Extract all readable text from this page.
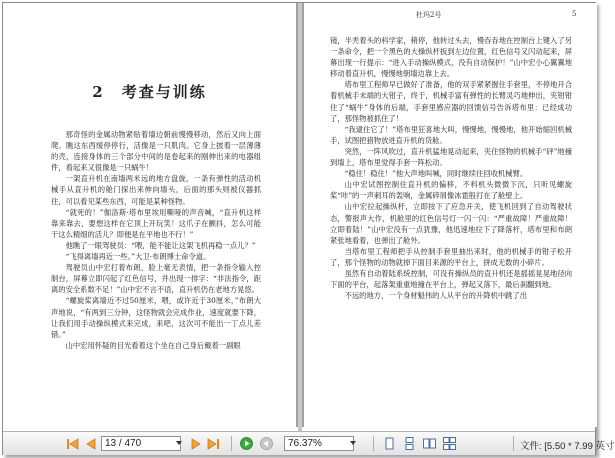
2　考查与训练

那奇怪的金属动物紧贴着墙边朝前慢慢移动，然后又向上面爬。瞧这东西缓停停行，活像是一只肌肉。它身上披着一层薄薄的壳，连接身体的三个部分中间的是卷起来的刚伸出来的电器组件，看起来又很像是一只蜗牛！

一架直升机在南墙两米远的地方盘旋，一条有弹性的活动机械手从直升机的舱门探出来伸向墙头，后面的那头则被仪器抓住，可以看见某些东西，可能是某种怪物。

“就死的！”伽洛斯·塔布里埃用嘶哑的声音喊，“直升机这样靠来靠去，要想这样在它顶上开玩笑！这爪子在颤抖，怎么可能干这么精细的活儿？即便是在平地也不行！”

他瞧了一眼驾驶员：“喂，能不能让这架飞机再稳一点儿？”

“飞得离墙再近一些。”大卫·布朗博士命令道。

驾驶员山中宏打着布朗，脸上毫无表情，把一条指令输入控制台，屏幕立即闪起了红色信号，并出现一排字：“非法指令，距离的安全系数不足！”山中宏不言不语，直升机仍在老地方晃悠。

“螺旋桨离墙近不过50厘米，喂，或许近于30厘米，”布朗大声地说，“有两到三分钟，这怪物就会完成作业，速度就要下降，让我们用手动操纵模式来完成，来吧，这次可不能出一丁点儿差错。”

山中宏用怀疑的目光看着这个坐在自己身后戴着一副眼

杜玛2号	5

镜，半秃着头的科学家，稍停，他转过头去，慢吞吞地在控制台上键入了另一条命令，把一个黑色的大操纵杆扳到左边位置，红色信号又闪动起来，屏幕出现一行提示：“进入手动操纵模式，没有自动保护！”山中宏小心翼翼地移动着直升机，慢慢地朝墙边靠上去。

塔布里工程师早已做好了准备，他的双手紧紧握住手套里，不停地开合着机械手末端的大钳子，终于，机械手富有弹性的长臂灵巧地伸出，夹钳钳住了“蜗牛”身体的后端，手套里感应器的回馈信号告诉塔布里：已经成功了，那怪物被抓住了！

“我逮住它了！”塔布里狂喜地大叫，慢慢地，慢慢地，他开始缩回机械手，试图把猎物放进直升机的货舱。

突然，一阵风吹过，直升机猛地晃动起来，夹住怪物的机械手“砰”地撞到墙上，塔布里觉得手套一阵松动。

“稳住！稳住！”他大声地叫喊，同时继续往回收机械臂。

山中宏试图控制住直升机的偏移，不料机头微微下沉，只听见螺旋桨“咔”的一声刺耳的轰响，金属碎屑像冰雹般打在了舱壁上。

山中宏拉起操纵杆，立即按下了应急开关，使飞机回到了自动驾驶状态，警报声大作，机舱里的红色信号灯一闪一闪：“严重故障！严重故障！立即着陆！”山中宏没有一点犹豫，他迅速地拉下了降落杆，塔布里和布朗紧张地看着，也弹出了舱外。

当塔布里工程师把手从控制手套里抽出来时，他的机械手的钳子松开了，那个怪物的动物就掉下面目来源的平台上，拼成无数的小碎片。

虽然有自动着陆系统控制，可没有操纵员的直升机还是摇摇晃晃地径向下面的平台，起落架重重地撞在平台上，弹起又落下，最后刹翻到地。

不远的地方，一个身材魁伟的人从平台的升降机中跳了出

13 / 470	76.37%	文件: [5.50 * 7.99 英寸
